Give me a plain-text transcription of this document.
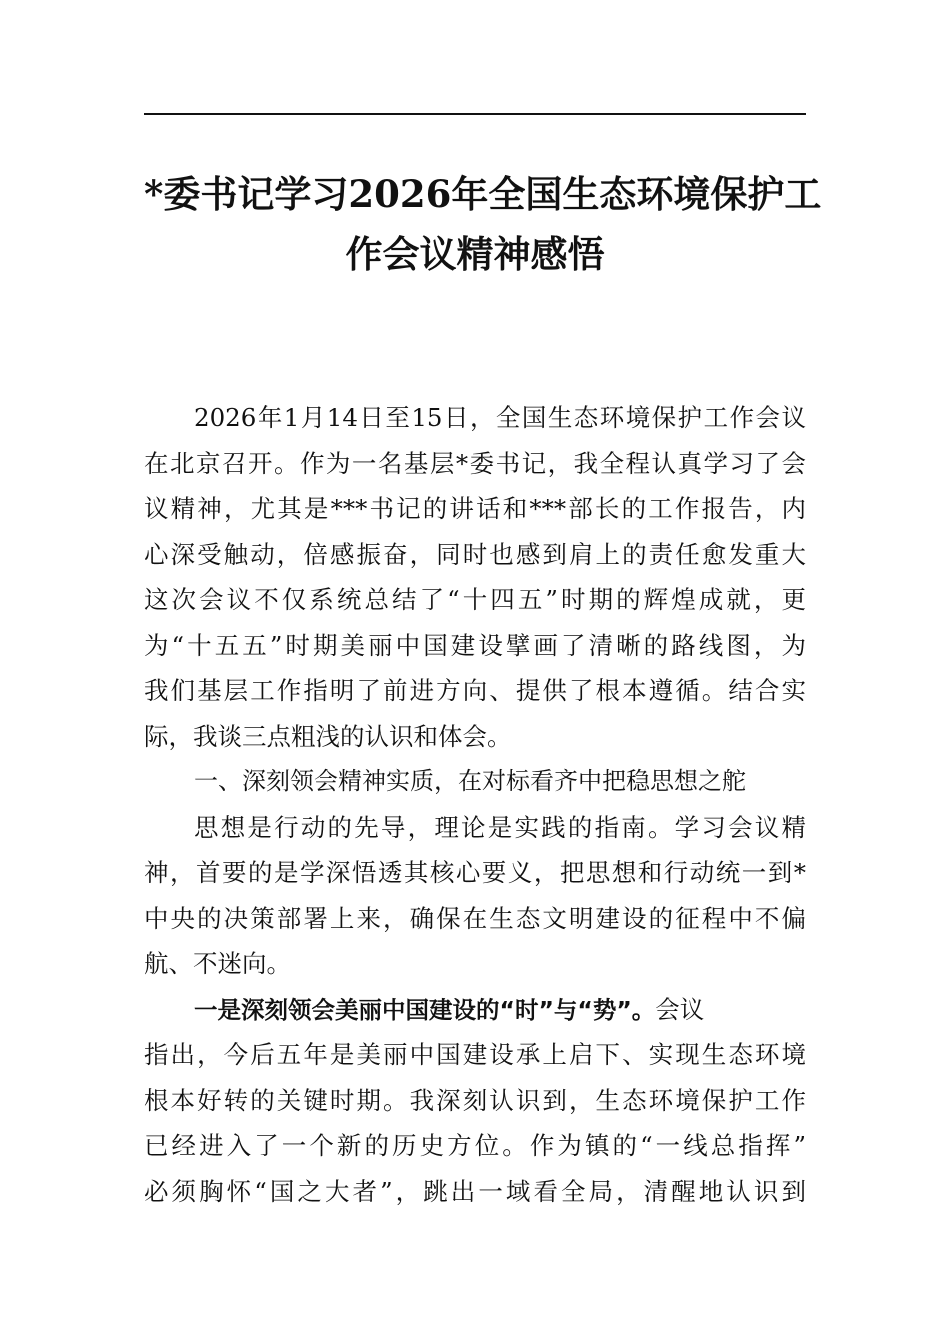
*委书记学习2026年全国生态环境保护工
作会议精神感悟

2026年1月14日至15日，全国生态环境保护工作会议
在北京召开。作为一名基层*委书记，我全程认真学习了会
议精神，尤其是***书记的讲话和***部长的工作报告，内
心深受触动，倍感振奋，同时也感到肩上的责任愈发重大
这次会议不仅系统总结了“十四五”时期的辉煌成就，更
为“十五五”时期美丽中国建设擘画了清晰的路线图，为
我们基层工作指明了前进方向、提供了根本遵循。结合实
际，我谈三点粗浅的认识和体会。

一、深刻领会精神实质，在对标看齐中把稳思想之舵

思想是行动的先导，理论是实践的指南。学习会议精
神，首要的是学深悟透其核心要义，把思想和行动统一到*
中央的决策部署上来，确保在生态文明建设的征程中不偏
航、不迷向。

一是深刻领会美丽中国建设的“时”与“势”。会议
指出，今后五年是美丽中国建设承上启下、实现生态环境
根本好转的关键时期。我深刻认识到，生态环境保护工作
已经进入了一个新的历史方位。作为镇的“一线总指挥”
必须胸怀“国之大者”，跳出一域看全局，清醒地认识到
